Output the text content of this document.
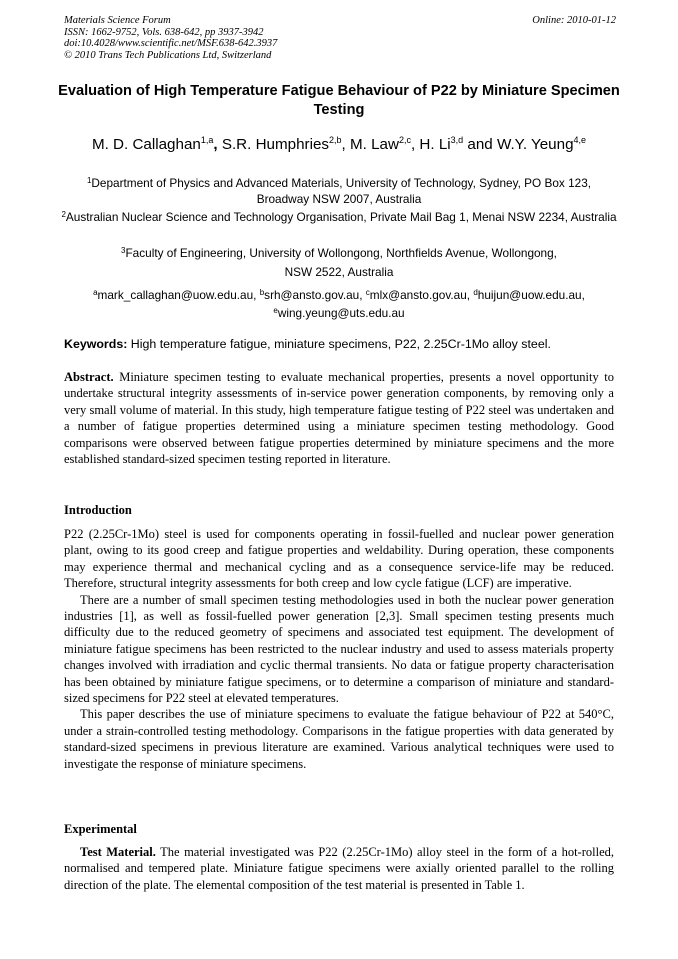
Materials Science Forum
ISSN: 1662-9752, Vols. 638-642, pp 3937-3942
doi:10.4028/www.scientific.net/MSF.638-642.3937
© 2010 Trans Tech Publications Ltd, Switzerland
Online: 2010-01-12
Evaluation of High Temperature Fatigue Behaviour of P22 by Miniature Specimen Testing
M. D. Callaghan$^{1,a}$, S.R. Humphries$^{2,b}$, M. Law$^{2,c}$, H. Li$^{3,d}$ and W.Y. Yeung$^{4,e}$
$^1$Department of Physics and Advanced Materials, University of Technology, Sydney, PO Box 123, Broadway NSW 2007, Australia
$^2$Australian Nuclear Science and Technology Organisation, Private Mail Bag 1, Menai NSW 2234, Australia
$^3$Faculty of Engineering, University of Wollongong, Northfields Avenue, Wollongong,
NSW 2522, Australia
$^a$mark_callaghan@uow.edu.au, $^b$srh@ansto.gov.au, $^c$mlx@ansto.gov.au, $^d$huijun@uow.edu.au,
$^e$wing.yeung@uts.edu.au
Keywords: High temperature fatigue, miniature specimens, P22, 2.25Cr-1Mo alloy steel.
Abstract. Miniature specimen testing to evaluate mechanical properties, presents a novel opportunity to undertake structural integrity assessments of in-service power generation components, by removing only a very small volume of material. In this study, high temperature fatigue testing of P22 steel was undertaken and a number of fatigue properties determined using a miniature specimen testing methodology. Good comparisons were observed between fatigue properties determined by miniature specimens and the more established standard-sized specimen testing reported in literature.
Introduction

P22 (2.25Cr-1Mo) steel is used for components operating in fossil-fuelled and nuclear power generation plant, owing to its good creep and fatigue properties and weldability. During operation, these components may experience thermal and mechanical cycling and as a consequence service-life may be reduced. Therefore, structural integrity assessments for both creep and low cycle fatigue (LCF) are imperative.

There are a number of small specimen testing methodologies used in both the nuclear power generation industries [1], as well as fossil-fuelled power generation [2,3]. Small specimen testing presents much difficulty due to the reduced geometry of specimens and associated test equipment. The development of miniature fatigue specimens has been restricted to the nuclear industry and used to assess materials property changes involved with irradiation and cyclic thermal transients. No data or fatigue property characterisation has been obtained by miniature fatigue specimens, or to determine a comparison of miniature and standard-sized specimens for P22 steel at elevated temperatures.

This paper describes the use of miniature specimens to evaluate the fatigue behaviour of P22 at 540°C, under a strain-controlled testing methodology. Comparisons in the fatigue properties with data generated by standard-sized specimens in previous literature are examined. Various analytical techniques were used to investigate the response of miniature specimens.

Experimental

Test Material. The material investigated was P22 (2.25Cr-1Mo) alloy steel in the form of a hot-rolled, normalised and tempered plate. Miniature fatigue specimens were axially oriented parallel to the rolling direction of the plate. The elemental composition of the test material is presented in Table 1.
